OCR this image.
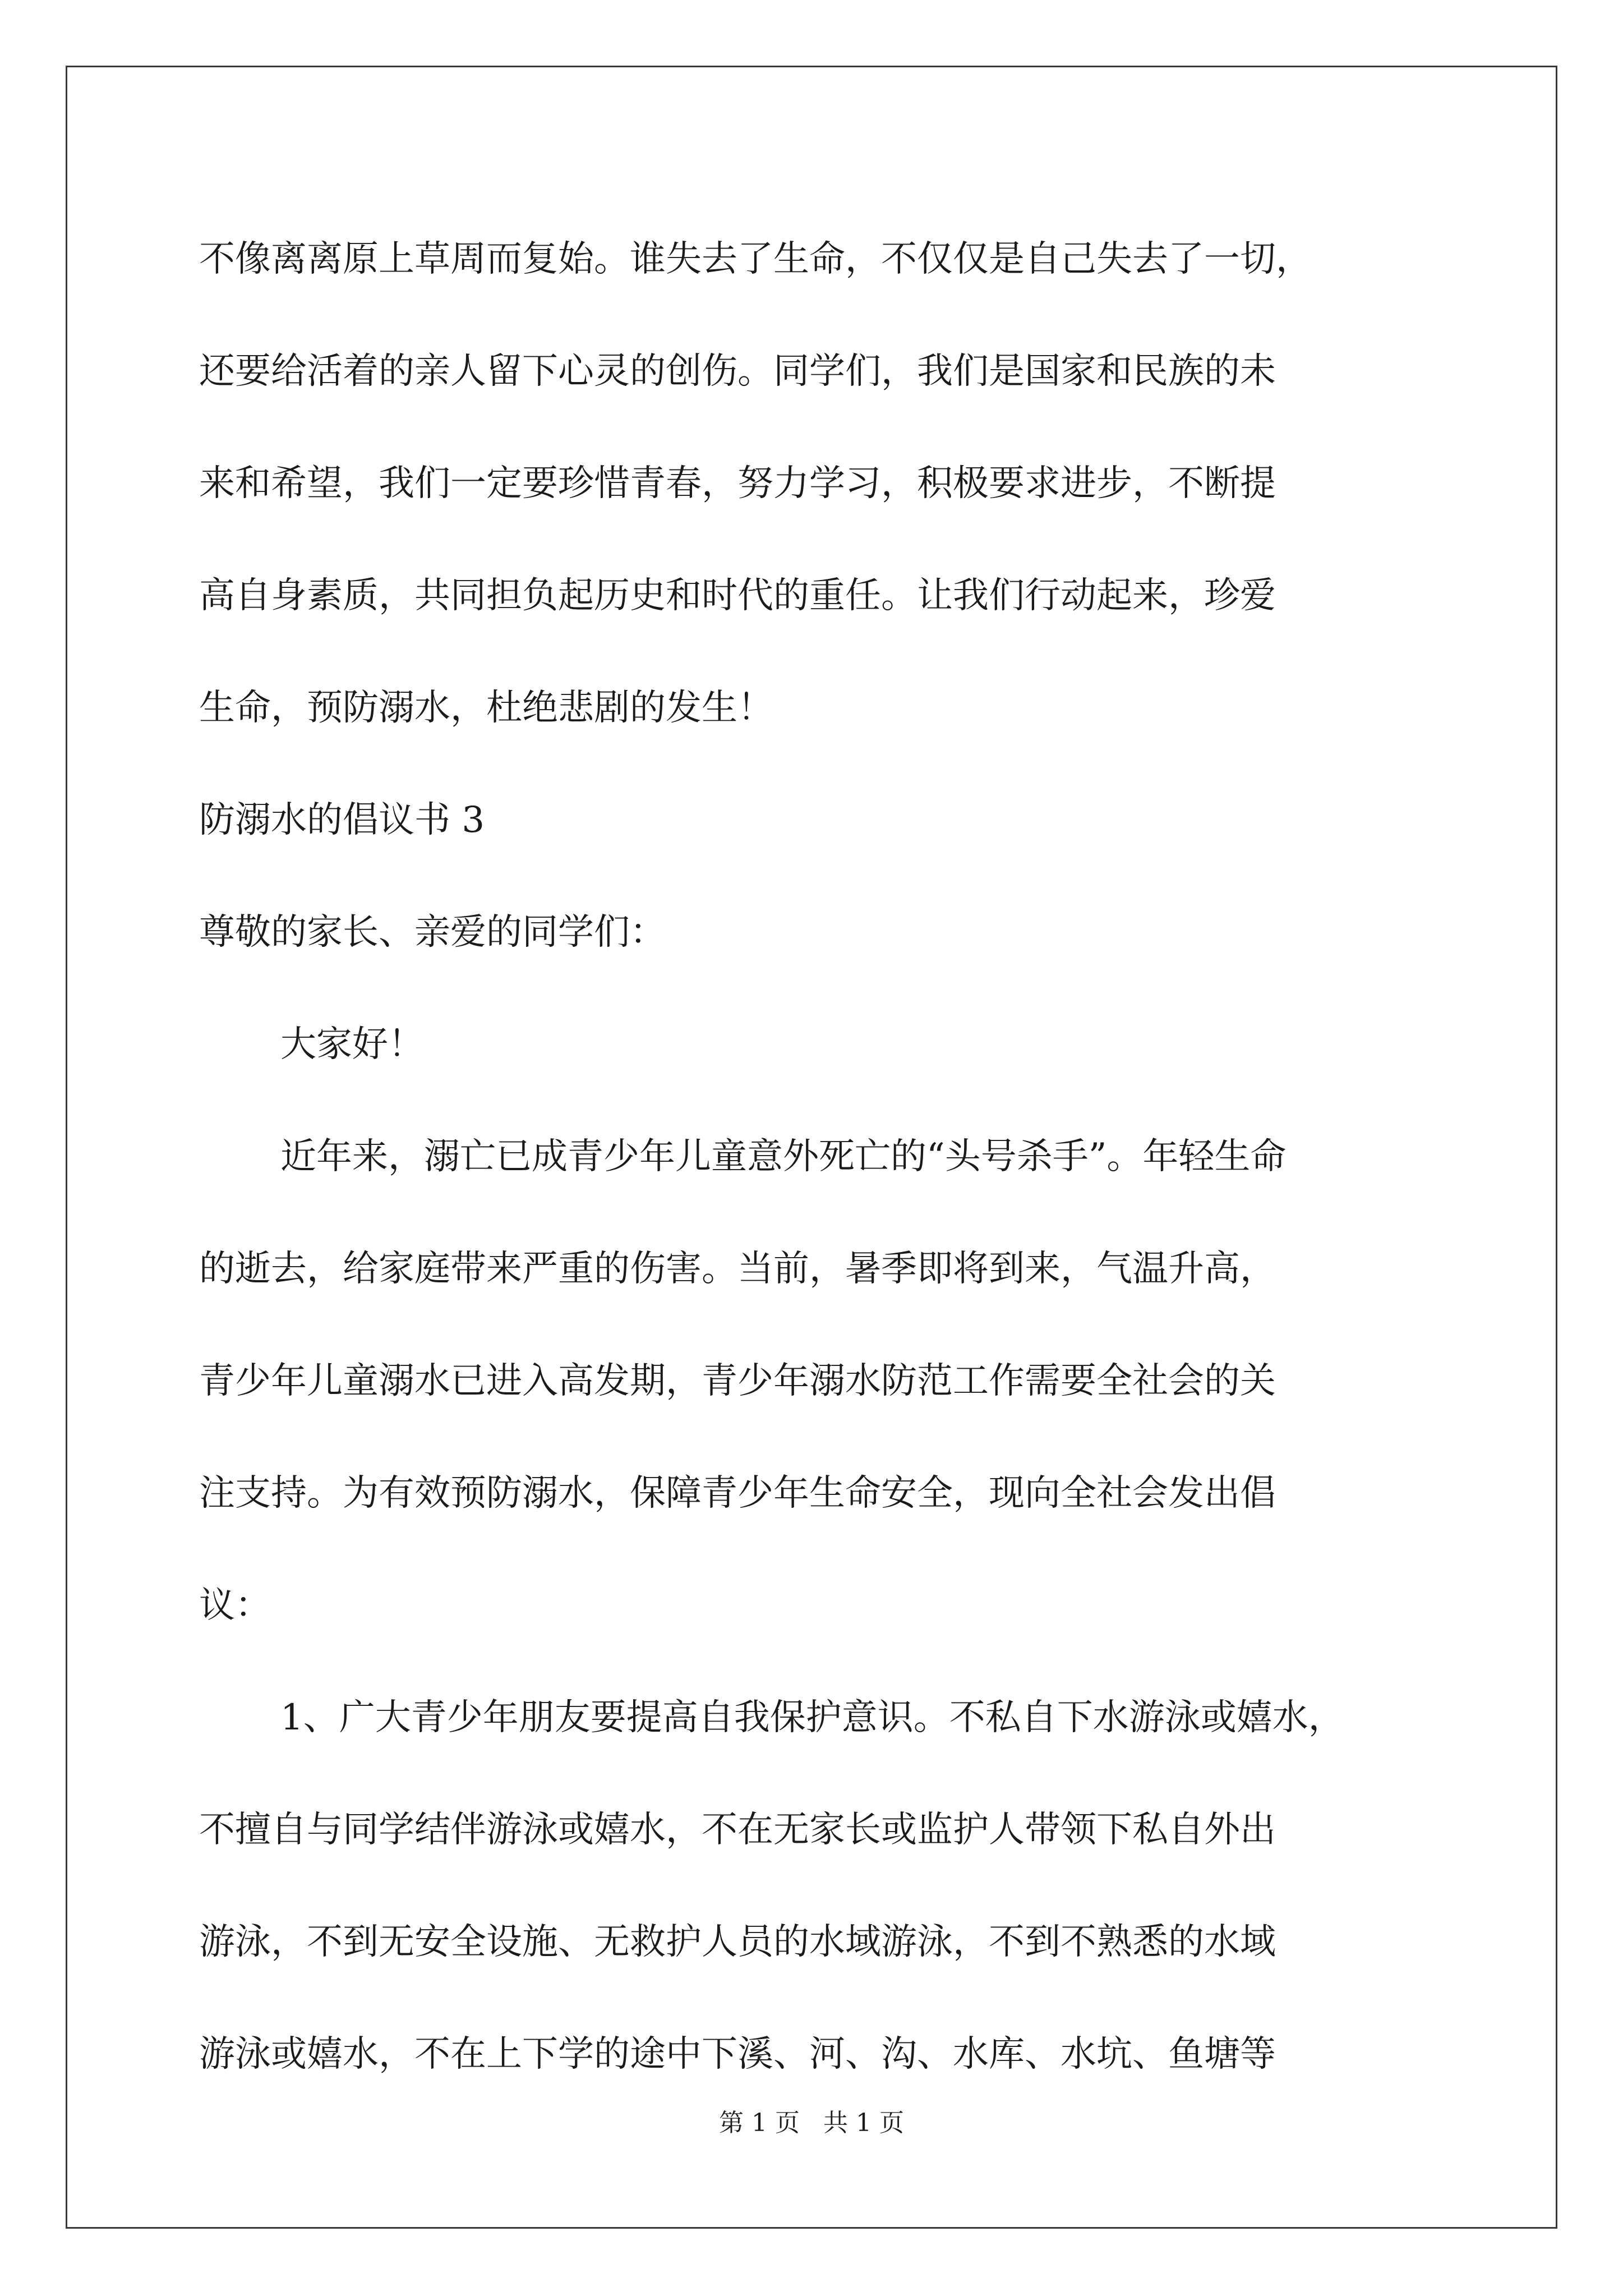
不像离离原上草周而复始。谁失去了生命，不仅仅是自己失去了一切，
还要给活着的亲人留下心灵的创伤。同学们，我们是国家和民族的未
来和希望，我们一定要珍惜青春，努力学习，积极要求进步，不断提
高自身素质，共同担负起历史和时代的重任。让我们行动起来，珍爱
生命，预防溺水，杜绝悲剧的发生！
防溺水的倡议书 3
尊敬的家长、亲爱的同学们：
大家好！
近年来，溺亡已成青少年儿童意外死亡的“头号杀手”。年轻生命
的逝去，给家庭带来严重的伤害。当前，暑季即将到来，气温升高，
青少年儿童溺水已进入高发期，青少年溺水防范工作需要全社会的关
注支持。为有效预防溺水，保障青少年生命安全，现向全社会发出倡
议：
1、广大青少年朋友要提高自我保护意识。不私自下水游泳或嬉水，
不擅自与同学结伴游泳或嬉水，不在无家长或监护人带领下私自外出
游泳，不到无安全设施、无救护人员的水域游泳，不到不熟悉的水域
游泳或嬉水，不在上下学的途中下溪、河、沟、水库、水坑、鱼塘等
第 1 页 共 1 页
